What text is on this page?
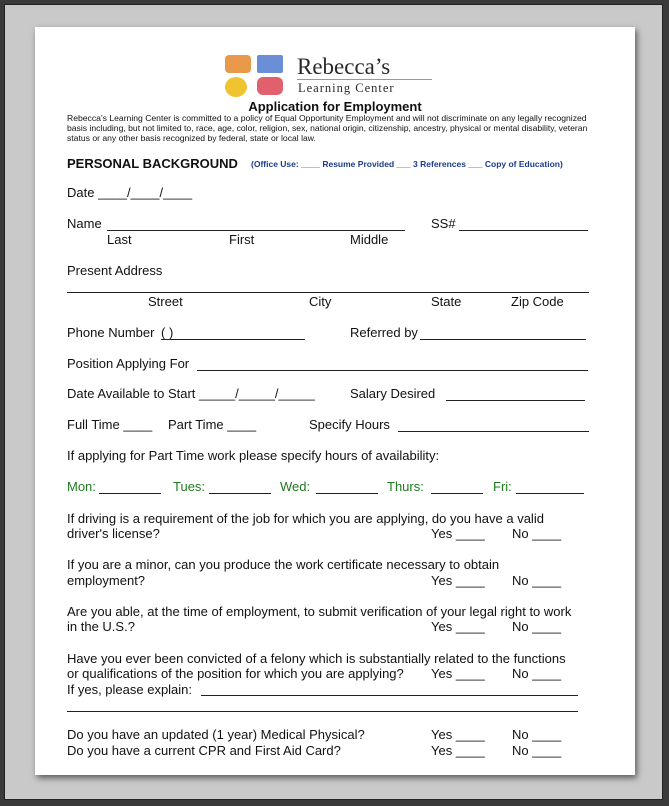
Rebecca’s
Learning Center
Application for Employment
Rebecca’s Learning Center is committed to a policy of Equal Opportunity Employment and will not discriminate on any legally recognized basis including, but not limited to, race, age, color, religion, sex, national origin, citizenship, ancestry, physical or mental disability, veteran status or any other basis recognized by federal, state or local law.
PERSONAL BACKGROUND (Office Use: ____ Resume Provided ___ 3 References ___ Copy of Education)
Date ____/____/____
Name	SS#
Last	First	Middle
Present Address
Street	City	State	Zip Code
Phone Number ( )	Referred by
Position Applying For
Date Available to Start _____/_____/_____	Salary Desired
Full Time ____ Part Time ____	Specify Hours
If applying for Part Time work please specify hours of availability:
Mon:	Tues:	Wed:	Thurs:	Fri:
If driving is a requirement of the job for which you are applying, do you have a valid
driver's license?	Yes ____ No ____
If you are a minor, can you produce the work certificate necessary to obtain
employment?	Yes ____ No ____
Are you able, at the time of employment, to submit verification of your legal right to work
in the U.S.?	Yes ____ No ____
Have you ever been convicted of a felony which is substantially related to the functions
or qualifications of the position for which you are applying? Yes ____ No ____
If yes, please explain:
Do you have an updated (1 year) Medical Physical?	Yes ____ No ____
Do you have a current CPR and First Aid Card?	Yes ____ No ____
